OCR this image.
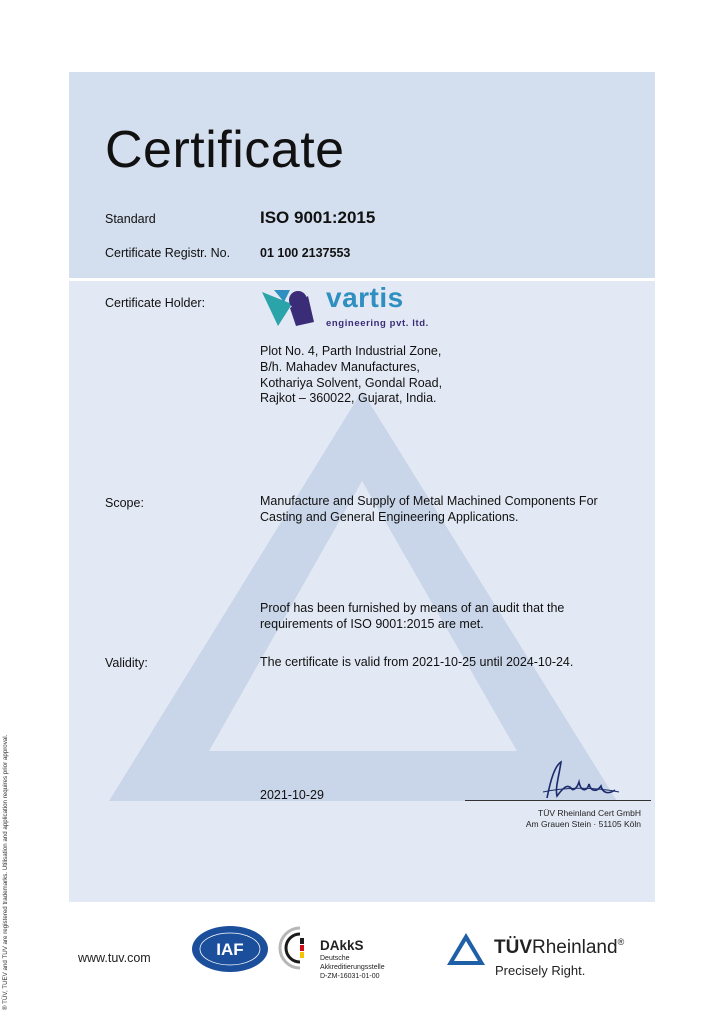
® TÜV, TUEV and TUV are registered trademarks. Utilisation and application requires prior approval.
Certificate
Standard	ISO 9001:2015
Certificate Registr. No. 01 100 2137553
Certificate Holder:	vartis
engineering pvt. ltd.
Plot No. 4, Parth Industrial Zone,
B/h. Mahadev Manufactures,
Kothariya Solvent, Gondal Road,
Rajkot – 360022, Gujarat, India.
Scope:	Manufacture and Supply of Metal Machined Components For
Casting and General Engineering Applications.
Proof has been furnished by means of an audit that the
requirements of ISO 9001:2015 are met.
Validity:	The certificate is valid from 2021-10-25 until 2024-10-24.
2021-10-29
TÜV Rheinland Cert GmbH
Am Grauen Stein · 51105 Köln
www.tuv.com	IAF	DAkkS
Deutsche
Akkreditierungsstelle
D-ZM-16031-01-00
TÜVRheinland®
Precisely Right.
